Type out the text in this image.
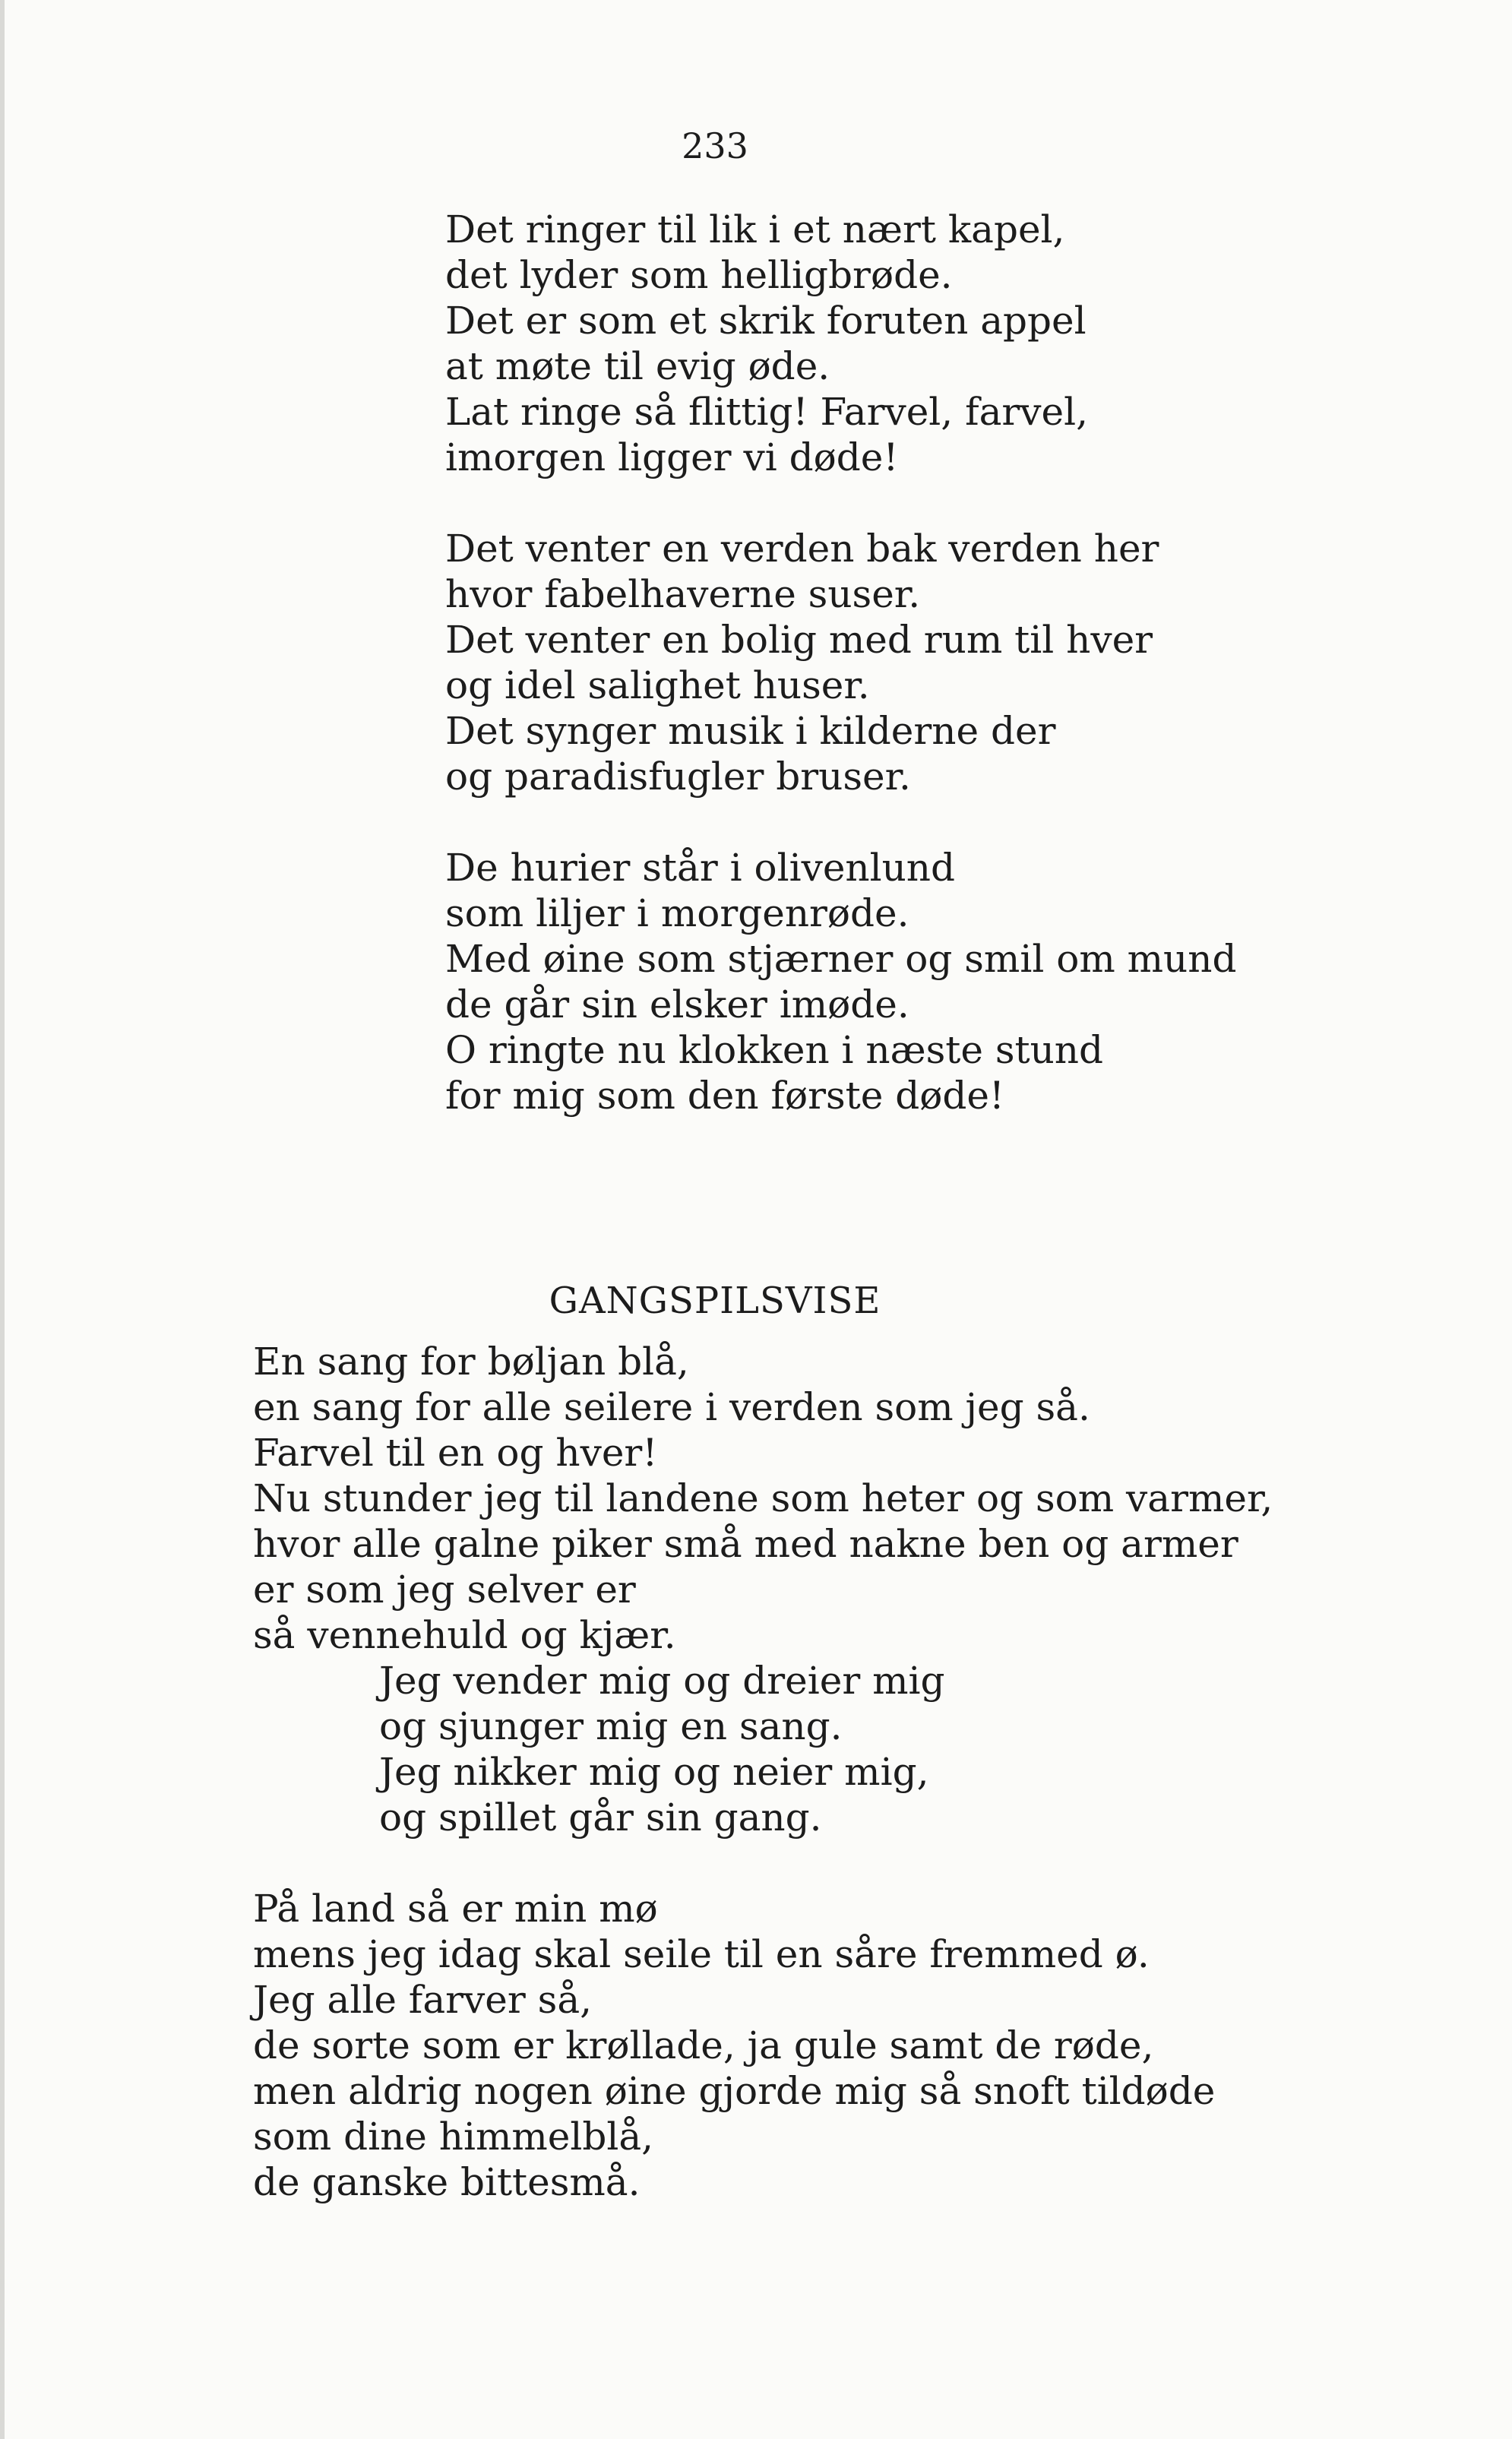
233
Det ringer til lik i et nært kapel,
det lyder som helligbrøde.
Det er som et skrik foruten appel
at møte til evig øde.
Lat ringe så flittig! Farvel, farvel,
imorgen ligger vi døde!
Det venter en verden bak verden her
hvor fabelhaverne suser.
Det venter en bolig med rum til hver
og idel salighet huser.
Det synger musik i kilderne der
og paradisfugler bruser.
De hurier står i olivenlund
som liljer i morgenrøde.
Med øine som stjærner og smil om mund
de går sin elsker imøde.
O ringte nu klokken i næste stund
for mig som den første døde!
GANGSPILSVISE
En sang for bøljan blå,
en sang for alle seilere i verden som jeg så.
Farvel til en og hver!
Nu stunder jeg til landene som heter og som varmer,
hvor alle galne piker små med nakne ben og armer
er som jeg selver er
så vennehuld og kjær.
Jeg vender mig og dreier mig
og sjunger mig en sang.
Jeg nikker mig og neier mig,
og spillet går sin gang.
På land så er min mø
mens jeg idag skal seile til en såre fremmed ø.
Jeg alle farver så,
de sorte som er krøllade, ja gule samt de røde,
men aldrig nogen øine gjorde mig så snoft tildøde
som dine himmelblå,
de ganske bittesmå.
